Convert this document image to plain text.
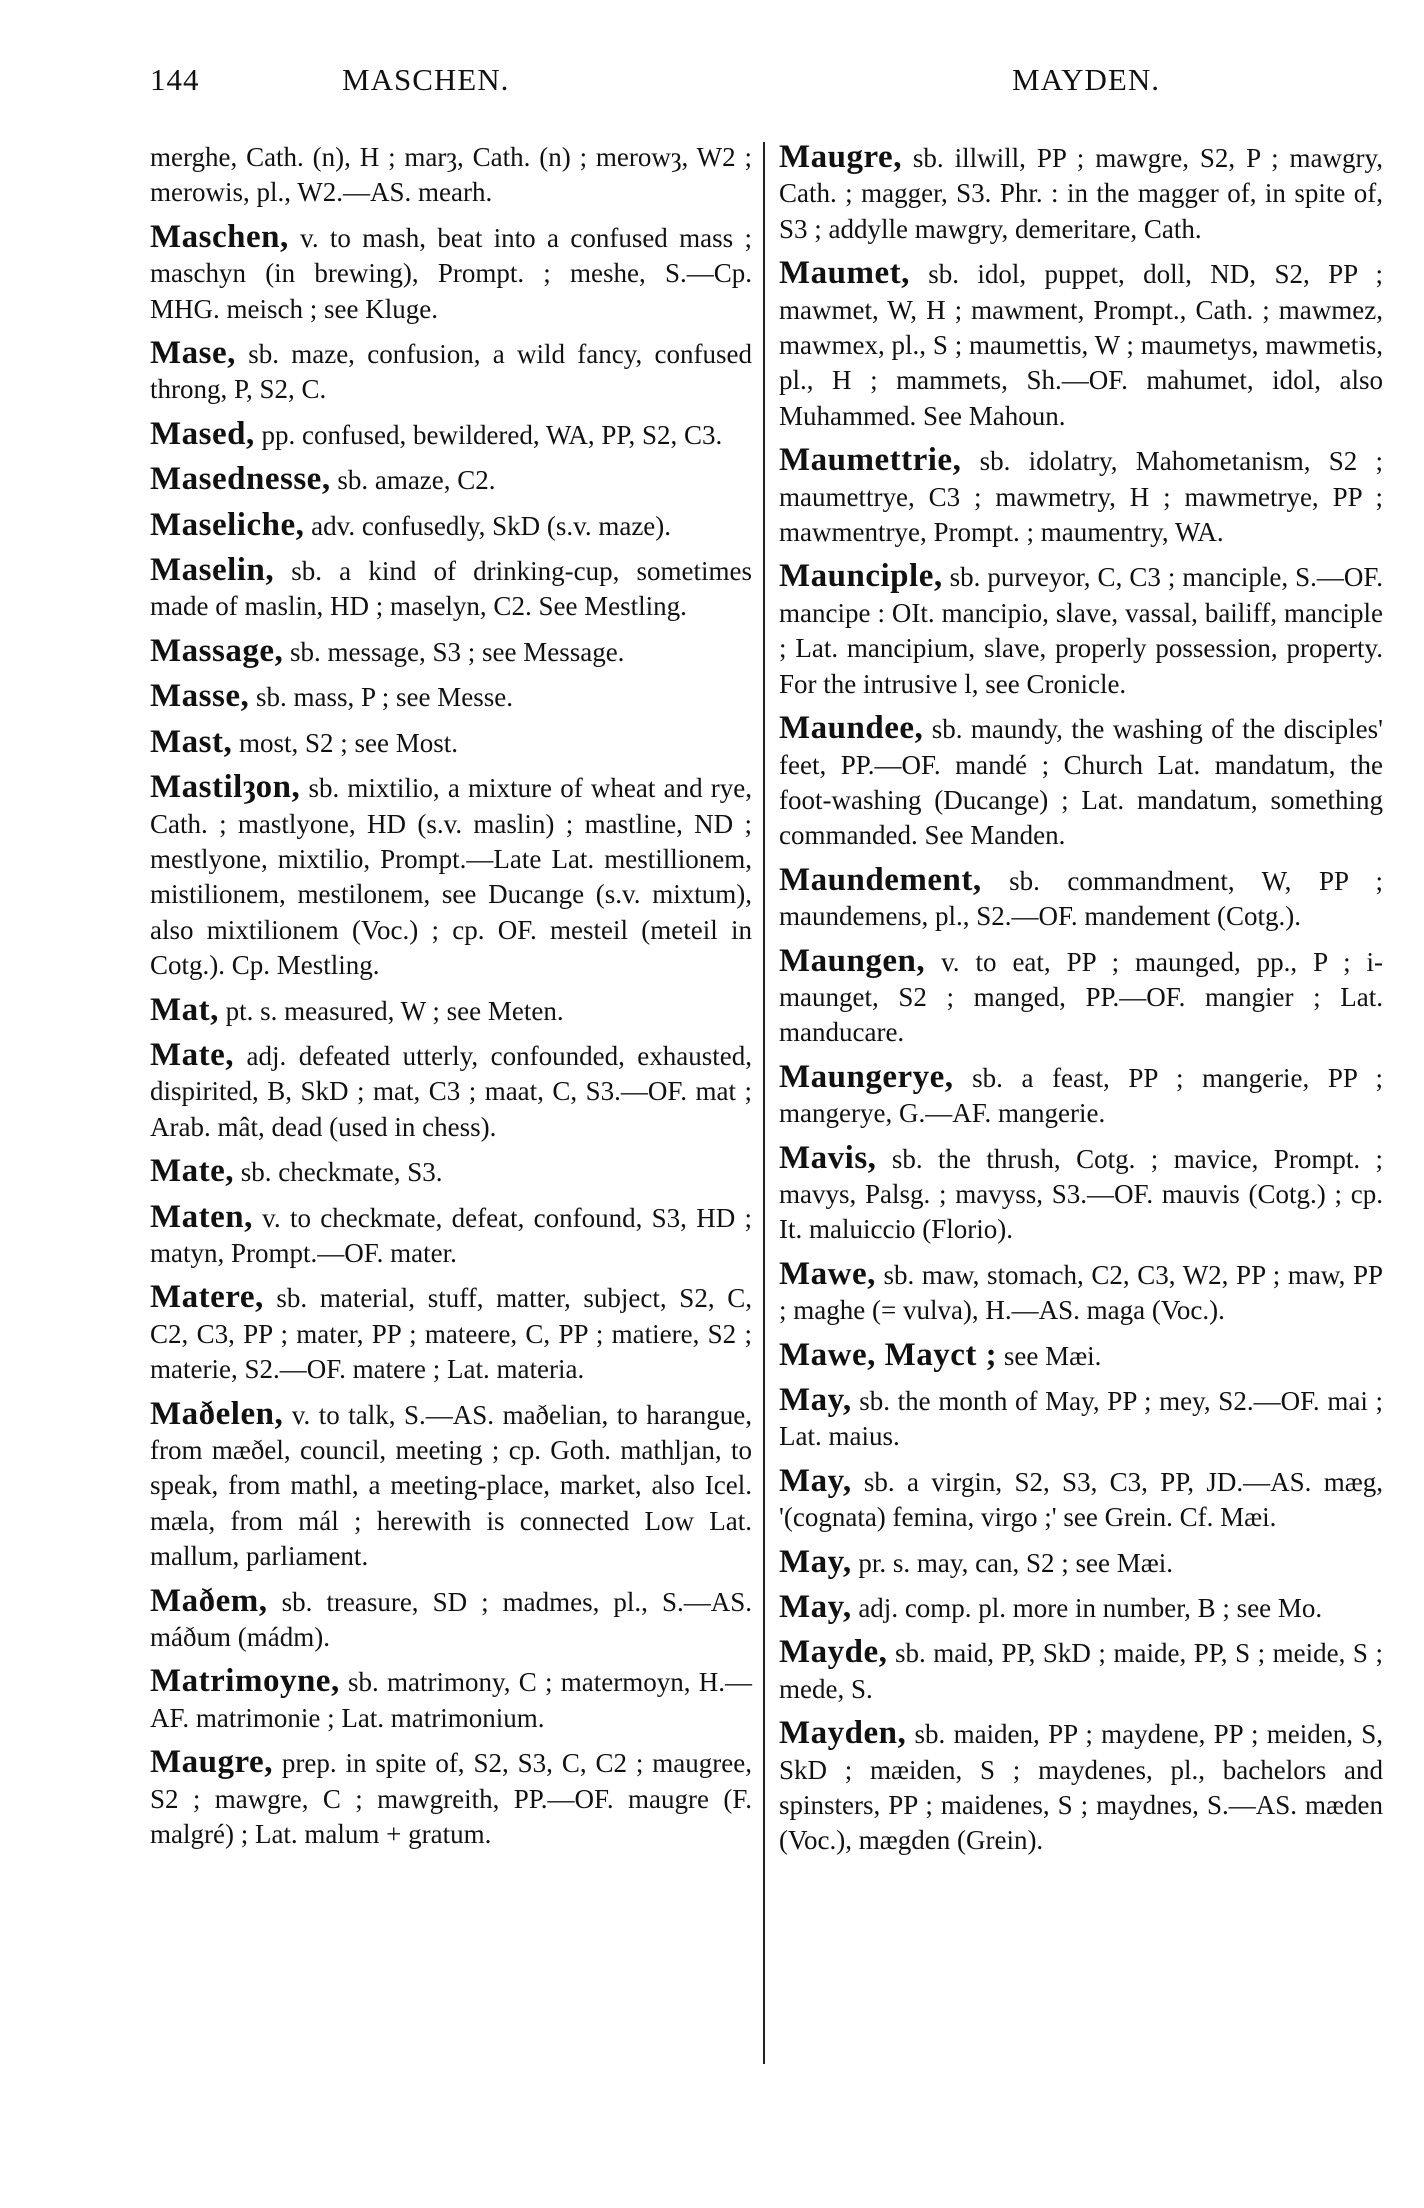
144	MASCHEN.	MAYDEN.

merghe, Cath. (n), H ; marȝ, Cath. (n) ; merowȝ, W2 ; merowis, pl., W2.—AS. mearh.

Maschen , v. to mash, beat into a confused mass ; maschyn (in brewing), Prompt. ; meshe, S.—Cp. MHG. meisch ; see Kluge.

Mase , sb. maze, confusion, a wild fancy, confused throng, P, S2, C.

Mased , pp. confused, bewildered, WA, PP, S2, C3.

Masednesse , sb. amaze, C2.

Maseliche , adv. confusedly, SkD (s.v. maze).

Maselin , sb. a kind of drinking-cup, sometimes made of maslin, HD ; maselyn, C2. See Mestling.

Massage , sb. message, S3 ; see Message.

Masse , sb. mass, P ; see Messe.

Mast , most, S2 ; see Most.

Mastilȝon , sb. mixtilio, a mixture of wheat and rye, Cath. ; mastlyone, HD (s.v. maslin) ; mastline, ND ; mestlyone, mixtilio, Prompt.—Late Lat. mestillionem, mistilionem, mestilonem, see Ducange (s.v. mixtum), also mixtilionem (Voc.) ; cp. OF. mesteil (meteil in Cotg.). Cp. Mestling.

Mat , pt. s. measured, W ; see Meten.

Mate , adj. defeated utterly, confounded, exhausted, dispirited, B, SkD ; mat, C3 ; maat, C, S3.—OF. mat ; Arab. mât, dead (used in chess).

Mate , sb. checkmate, S3.

Maten , v. to checkmate, defeat, confound, S3, HD ; matyn, Prompt.—OF. mater.

Matere , sb. material, stuff, matter, subject, S2, C, C2, C3, PP ; mater, PP ; mateere, C, PP ; matiere, S2 ; materie, S2.—OF. matere ; Lat. materia.

Maðelen , v. to talk, S.—AS. maðelian, to harangue, from mæðel, council, meeting ; cp. Goth. mathljan, to speak, from mathl, a meeting-place, market, also Icel. mæla, from mál ; herewith is connected Low Lat. mallum, parliament.

Maðem , sb. treasure, SD ; madmes, pl., S.—AS. máðum (mádm).

Matrimoyne , sb. matrimony, C ; matermoyn, H.—AF. matrimonie ; Lat. matrimonium.

Maugre , prep. in spite of, S2, S3, C, C2 ; maugree, S2 ; mawgre, C ; mawgreith, PP.—OF. maugre (F. malgré) ; Lat. malum + gratum.

Maugre , sb. illwill, PP ; mawgre, S2, P ; mawgry, Cath. ; magger, S3. Phr. : in the magger of, in spite of, S3 ; addylle mawgry, demeritare, Cath.

Maumet , sb. idol, puppet, doll, ND, S2, PP ; mawmet, W, H ; mawment, Prompt., Cath. ; mawmez, mawmex, pl., S ; maumettis, W ; maumetys, mawmetis, pl., H ; mammets, Sh.—OF. mahumet, idol, also Muhammed. See Mahoun.

Maumettrie , sb. idolatry, Mahometanism, S2 ; maumettrye, C3 ; mawmetry, H ; mawmetrye, PP ; mawmentrye, Prompt. ; maumentry, WA.

Maunciple , sb. purveyor, C, C3 ; manciple, S.—OF. mancipe : OIt. mancipio, slave, vassal, bailiff, manciple ; Lat. mancipium, slave, properly possession, property. For the intrusive l, see Cronicle.

Maundee , sb. maundy, the washing of the disciples' feet, PP.—OF. mandé ; Church Lat. mandatum, the foot-washing (Ducange) ; Lat. mandatum, something commanded. See Manden.

Maundement , sb. commandment, W, PP ; maundemens, pl., S2.—OF. mandement (Cotg.).

Maungen , v. to eat, PP ; maunged, pp., P ; i-maunget, S2 ; manged, PP.—OF. mangier ; Lat. manducare.

Maungerye , sb. a feast, PP ; mangerie, PP ; mangerye, G.—AF. mangerie.

Mavis , sb. the thrush, Cotg. ; mavice, Prompt. ; mavys, Palsg. ; mavyss, S3.—OF. mauvis (Cotg.) ; cp. It. maluiccio (Florio).

Mawe , sb. maw, stomach, C2, C3, W2, PP ; maw, PP ; maghe (= vulva), H.—AS. maga (Voc.).

Mawe, Mayct ; see Mæi.

May , sb. the month of May, PP ; mey, S2.—OF. mai ; Lat. maius.

May , sb. a virgin, S2, S3, C3, PP, JD.—AS. mæg, '(cognata) femina, virgo ;' see Grein. Cf. Mæi.

May , pr. s. may, can, S2 ; see Mæi.

May , adj. comp. pl. more in number, B ; see Mo.

Mayde , sb. maid, PP, SkD ; maide, PP, S ; meide, S ; mede, S.

Mayden , sb. maiden, PP ; maydene, PP ; meiden, S, SkD ; mæiden, S ; maydenes, pl., bachelors and spinsters, PP ; maidenes, S ; maydnes, S.—AS. mæden (Voc.), mægden (Grein).
